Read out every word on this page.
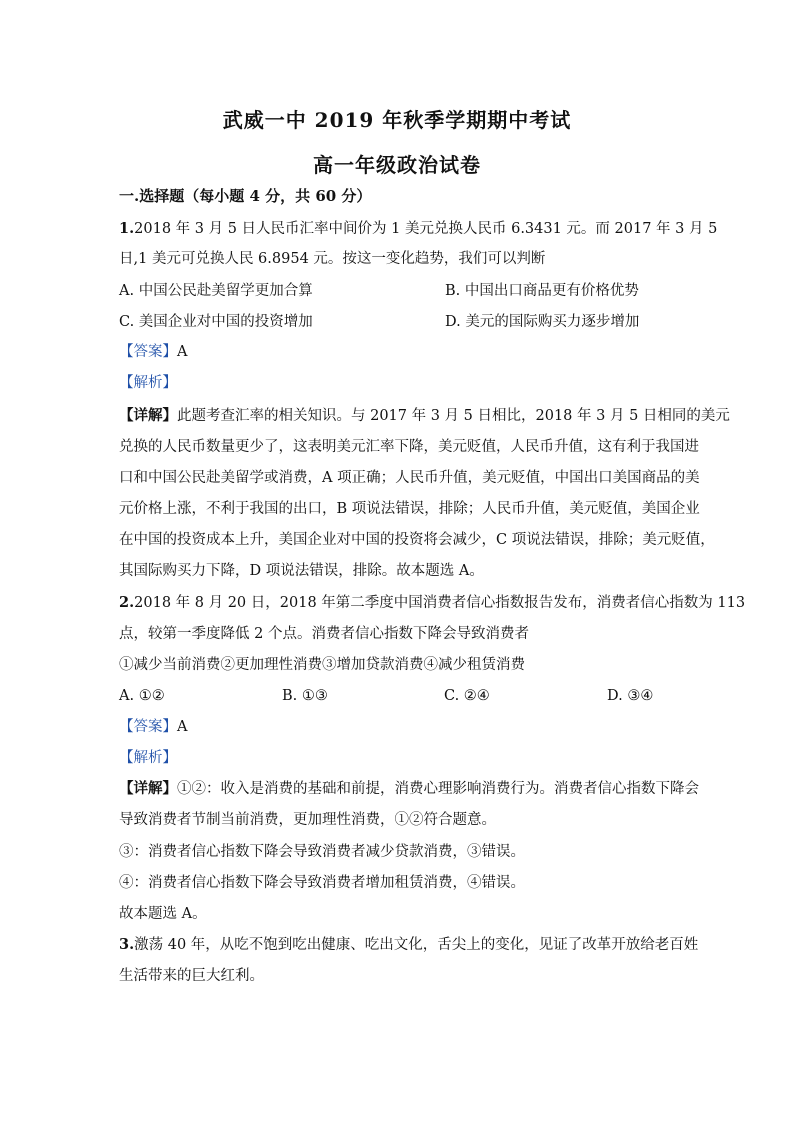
武威一中 2019 年秋季学期期中考试
高一年级政治试卷
一.选择题（每小题 4 分，共 60 分）
1.2018 年 3 月 5 日人民币汇率中间价为 1 美元兑换人民币 6.3431 元。而 2017 年 3 月 5
日,1 美元可兑换人民 6.8954 元。按这一变化趋势，我们可以判断
A. 中国公民赴美留学更加合算	B. 中国出口商品更有价格优势
C. 美国企业对中国的投资增加	D. 美元的国际购买力逐步增加
【答案】A
【解析】
【详解】此题考查汇率的相关知识。与 2017 年 3 月 5 日相比，2018 年 3 月 5 日相同的美元
兑换的人民币数量更少了，这表明美元汇率下降，美元贬值，人民币升值，这有利于我国进
口和中国公民赴美留学或消费，A 项正确；人民币升值，美元贬值，中国出口美国商品的美
元价格上涨，不利于我国的出口，B 项说法错误，排除；人民币升值，美元贬值，美国企业
在中国的投资成本上升，美国企业对中国的投资将会减少，C 项说法错误，排除；美元贬值，
其国际购买力下降，D 项说法错误，排除。故本题选 A。
2.2018 年 8 月 20 日，2018 年第二季度中国消费者信心指数报告发布，消费者信心指数为 113
点，较第一季度降低 2 个点。消费者信心指数下降会导致消费者
①减少当前消费②更加理性消费③增加贷款消费④减少租赁消费
A. ①②	B. ①③	C. ②④	D. ③④
【答案】A
【解析】
【详解】①②：收入是消费的基础和前提，消费心理影响消费行为。消费者信心指数下降会
导致消费者节制当前消费，更加理性消费，①②符合题意。
③：消费者信心指数下降会导致消费者减少贷款消费，③错误。
④：消费者信心指数下降会导致消费者增加租赁消费，④错误。
故本题选 A。
3.激荡 40 年，从吃不饱到吃出健康、吃出文化，舌尖上的变化，见证了改革开放给老百姓
生活带来的巨大红利。
